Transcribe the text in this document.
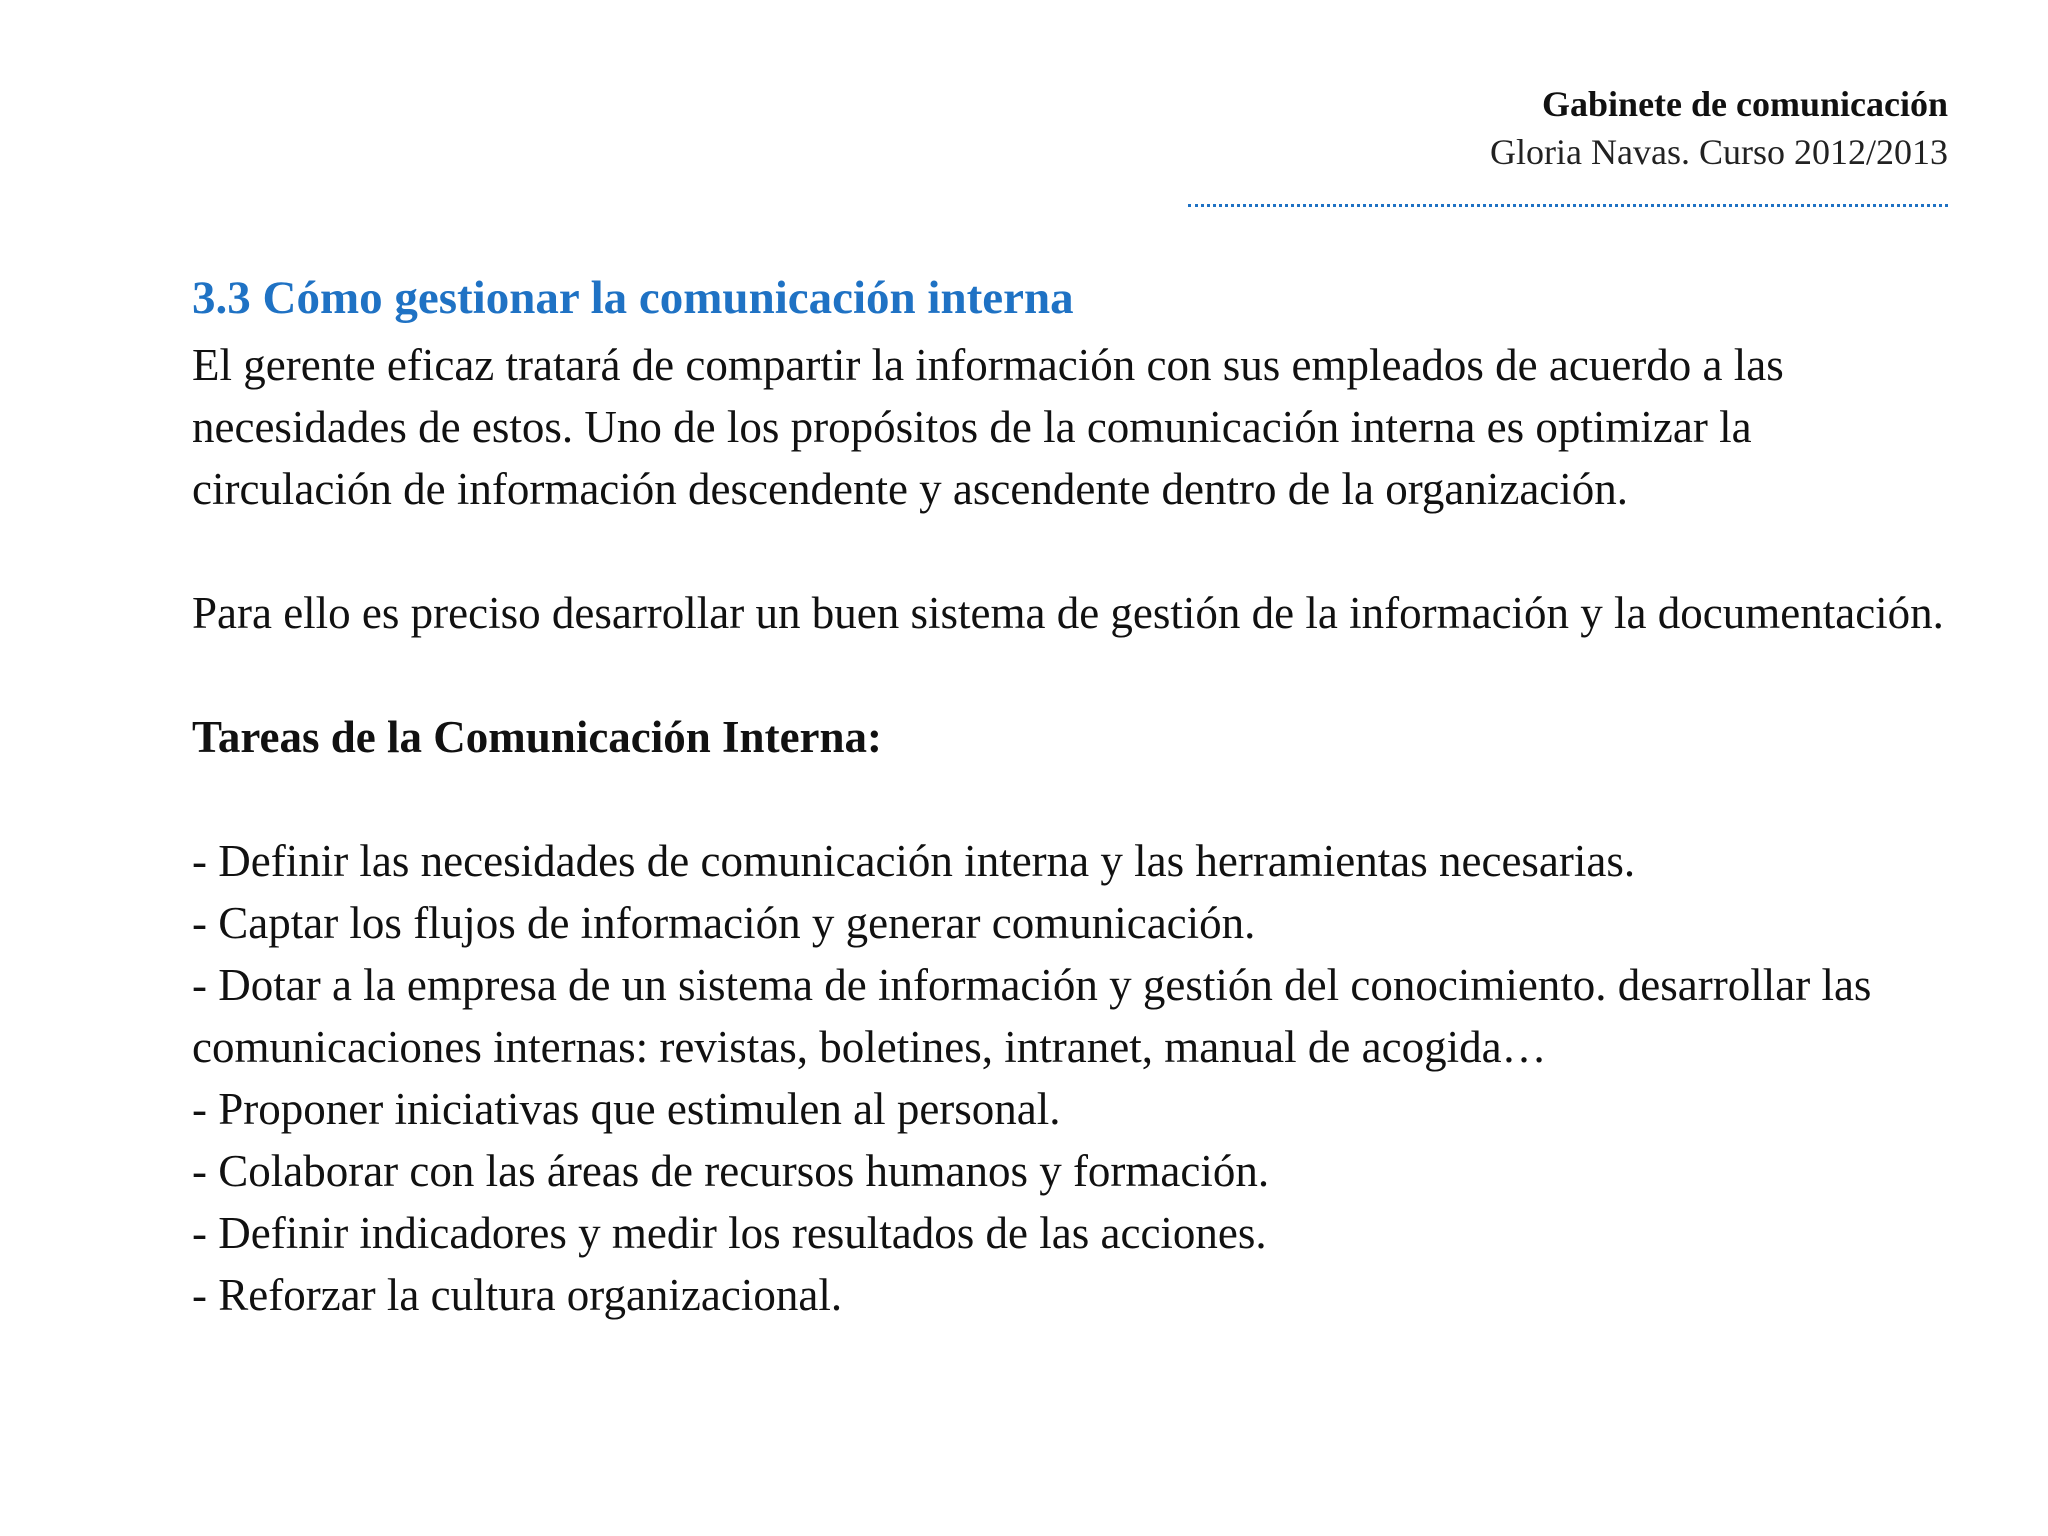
Gabinete de comunicación
Gloria Navas. Curso 2012/2013
3.3 Cómo gestionar la comunicación interna

El gerente eficaz tratará de compartir la información con sus empleados de acuerdo a las necesidades de estos. Uno de los propósitos de la comunicación interna es optimizar la circulación de información descendente y ascendente dentro de la organización.

Para ello es preciso desarrollar un buen sistema de gestión de la información y la documentación.

Tareas de la Comunicación Interna:

- Definir las necesidades de comunicación interna y las herramientas necesarias.
- Captar los flujos de información y generar comunicación.
- Dotar a la empresa de un sistema de información y gestión del conocimiento. desarrollar las comunicaciones internas: revistas, boletines, intranet, manual de acogida…
- Proponer iniciativas que estimulen al personal.
- Colaborar con las áreas de recursos humanos y formación.
- Definir indicadores y medir los resultados de las acciones.
- Reforzar la cultura organizacional.
